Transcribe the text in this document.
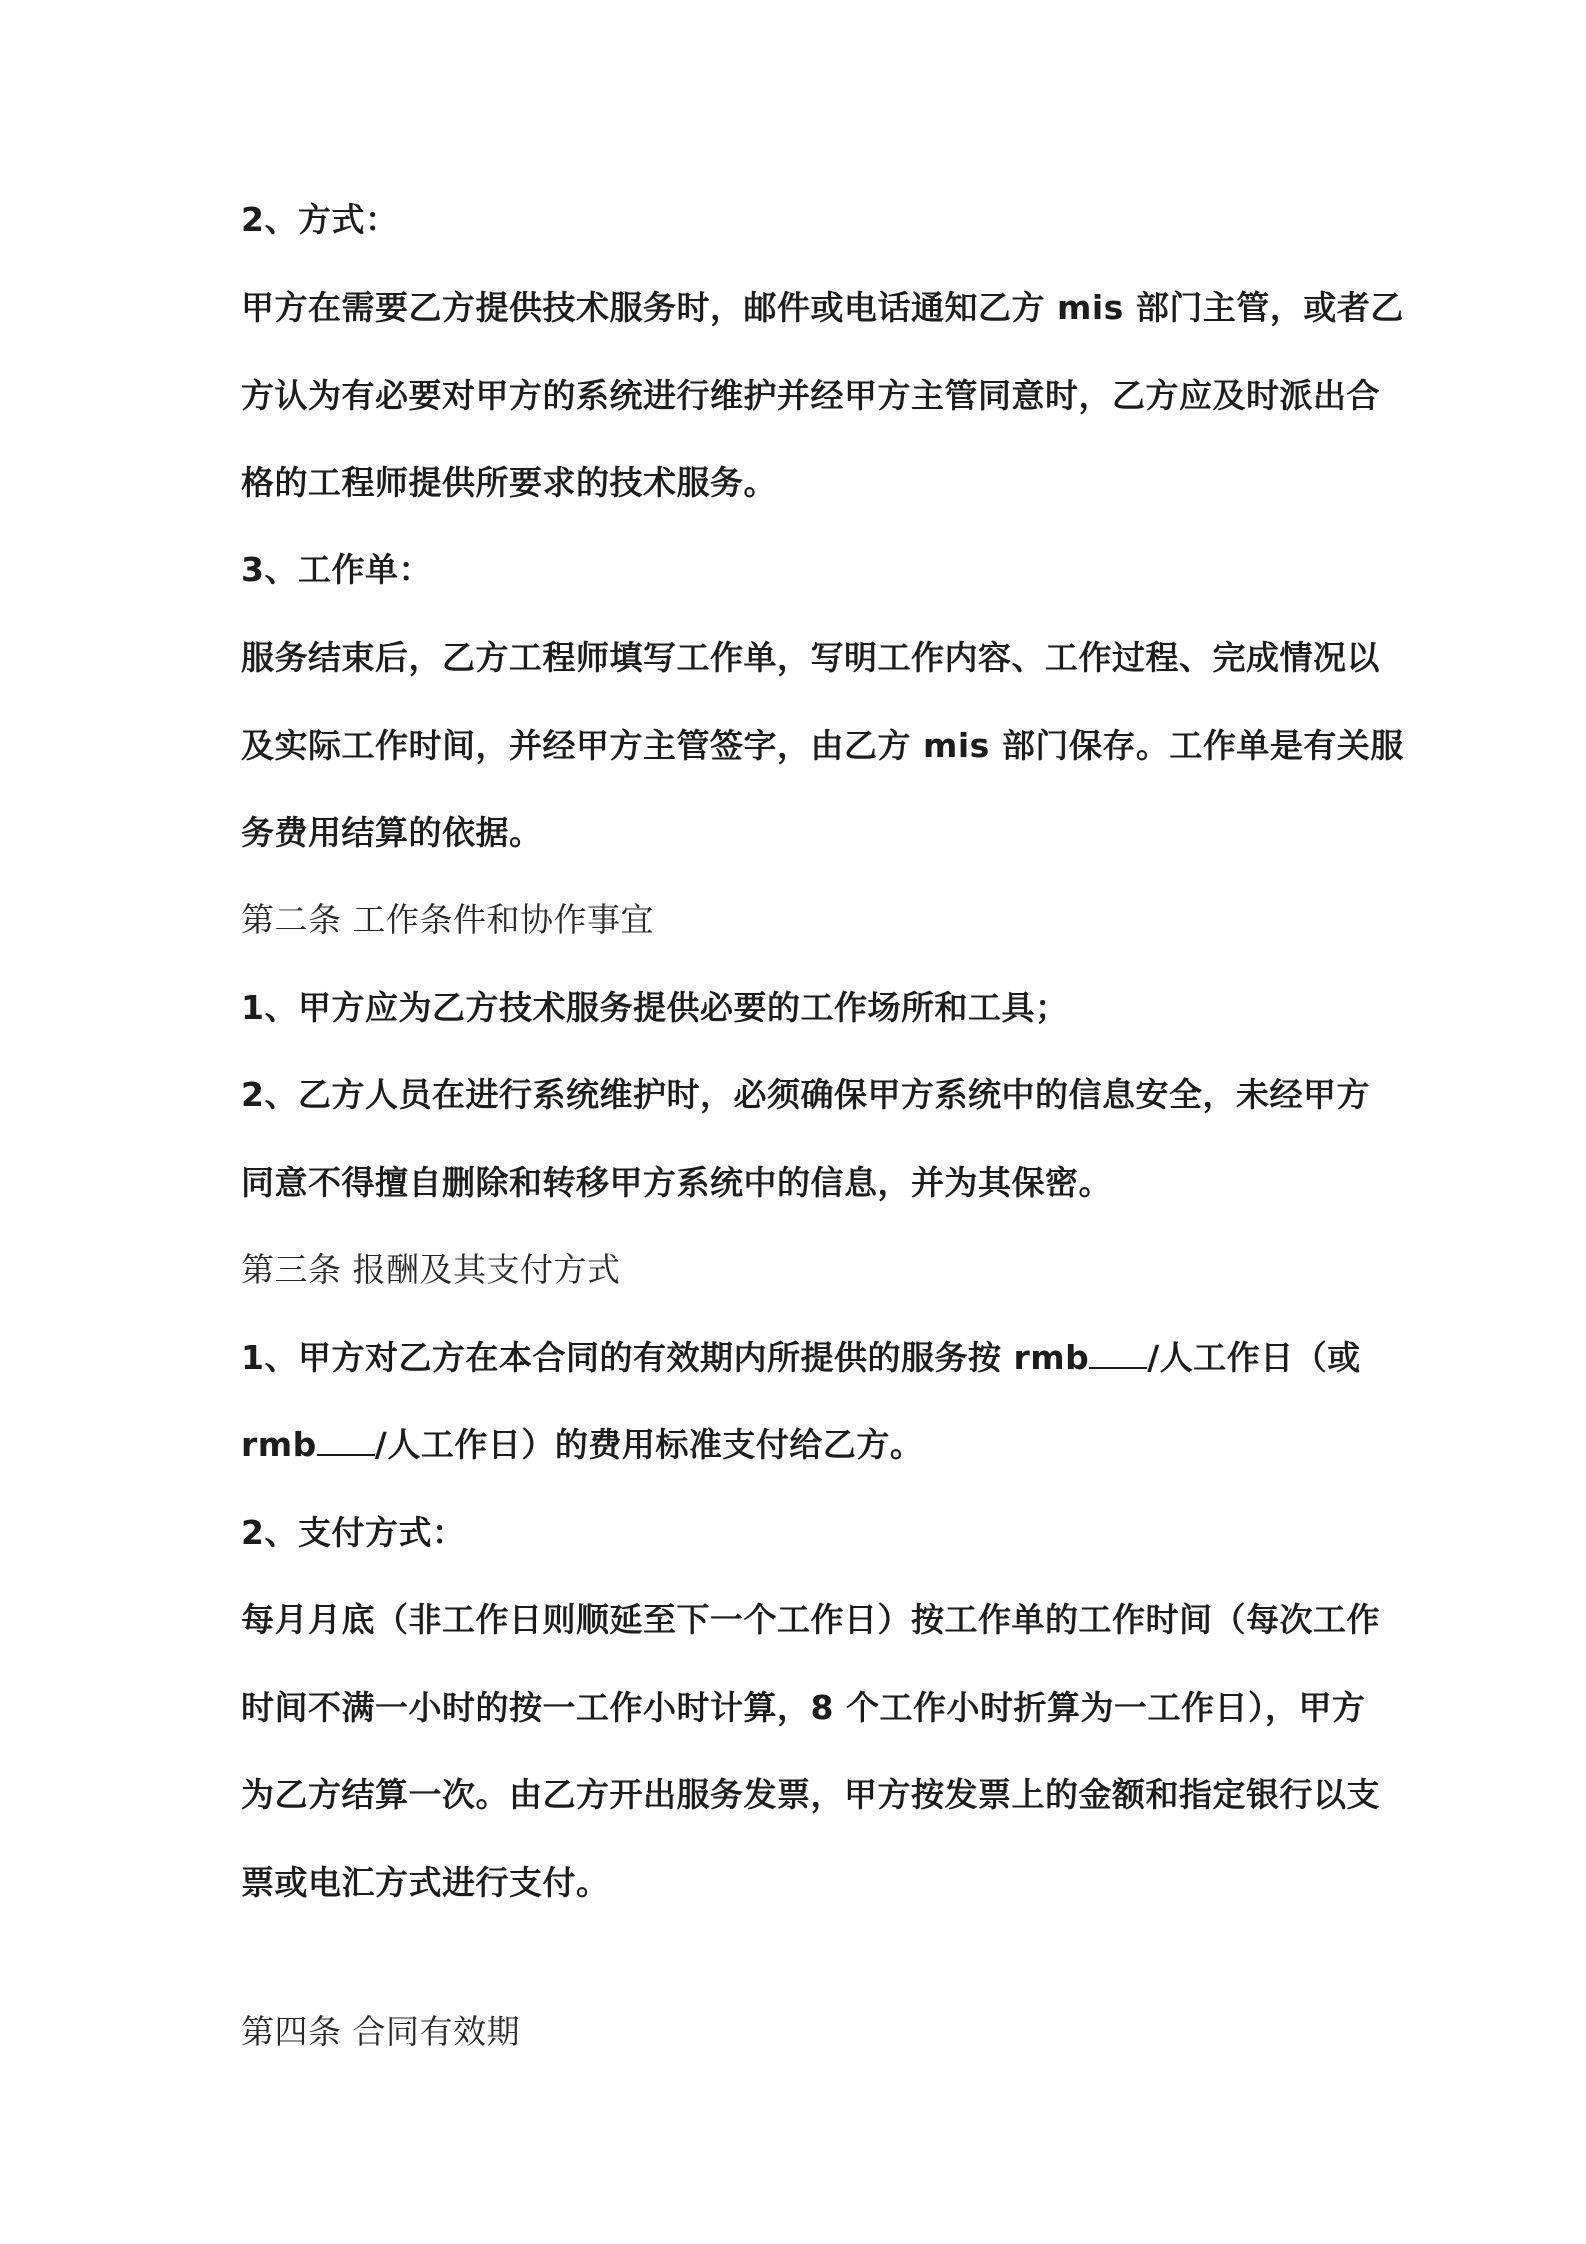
2、方式：
甲方在需要乙方提供技术服务时，邮件或电话通知乙方 mis 部门主管，或者乙
方认为有必要对甲方的系统进行维护并经甲方主管同意时，乙方应及时派出合
格的工程师提供所要求的技术服务。
3、工作单：
服务结束后，乙方工程师填写工作单，写明工作内容、工作过程、完成情况以
及实际工作时间，并经甲方主管签字，由乙方 mis 部门保存。工作单是有关服
务费用结算的依据。
第二条 工作条件和协作事宜
1、甲方应为乙方技术服务提供必要的工作场所和工具；
2、乙方人员在进行系统维护时，必须确保甲方系统中的信息安全，未经甲方
同意不得擅自删除和转移甲方系统中的信息，并为其保密。
第三条 报酬及其支付方式
1、甲方对乙方在本合同的有效期内所提供的服务按 rmb /人工作日（或
rmb /人工作日）的费用标准支付给乙方。
2、支付方式：
每月月底（非工作日则顺延至下一个工作日）按工作单的工作时间（每次工作
时间不满一小时的按一工作小时计算，8 个工作小时折算为一工作日），甲方
为乙方结算一次。由乙方开出服务发票，甲方按发票上的金额和指定银行以支
票或电汇方式进行支付。
第四条 合同有效期
